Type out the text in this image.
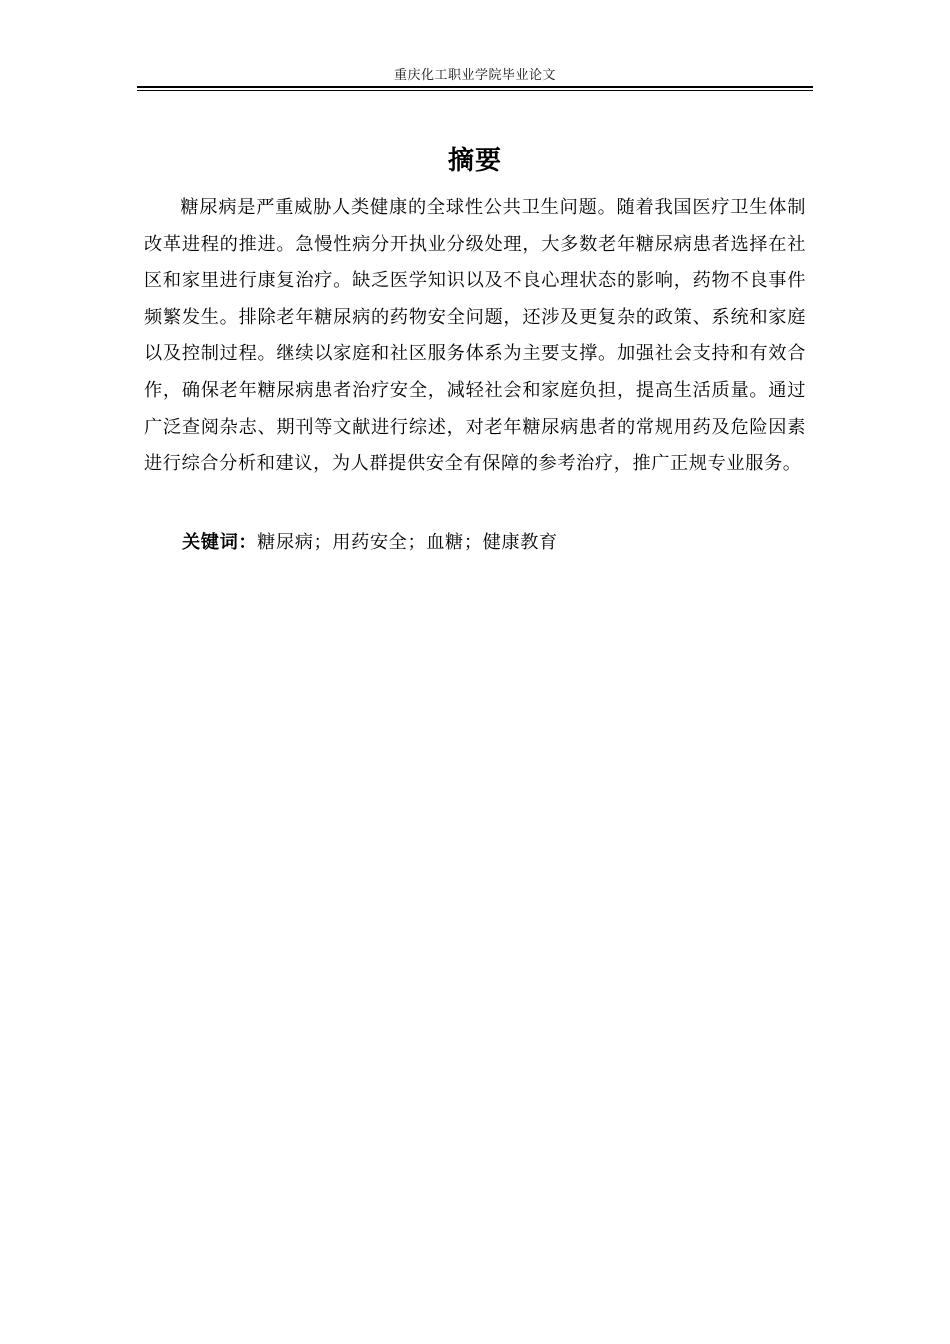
重庆化工职业学院毕业论文
摘要

糖尿病是严重威胁人类健康的全球性公共卫生问题。随着我国医疗卫生体制改革进程的推进。急慢性病分开执业分级处理，大多数老年糖尿病患者选择在社区和家里进行康复治疗。缺乏医学知识以及不良心理状态的影响，药物不良事件频繁发生。排除老年糖尿病的药物安全问题，还涉及更复杂的政策、系统和家庭以及控制过程。继续以家庭和社区服务体系为主要支撑。加强社会支持和有效合作，确保老年糖尿病患者治疗安全，减轻社会和家庭负担，提高生活质量。通过广泛查阅杂志、期刊等文献进行综述，对老年糖尿病患者的常规用药及危险因素进行综合分析和建议，为人群提供安全有保障的参考治疗，推广正规专业服务。

关键词：糖尿病；用药安全；血糖；健康教育
